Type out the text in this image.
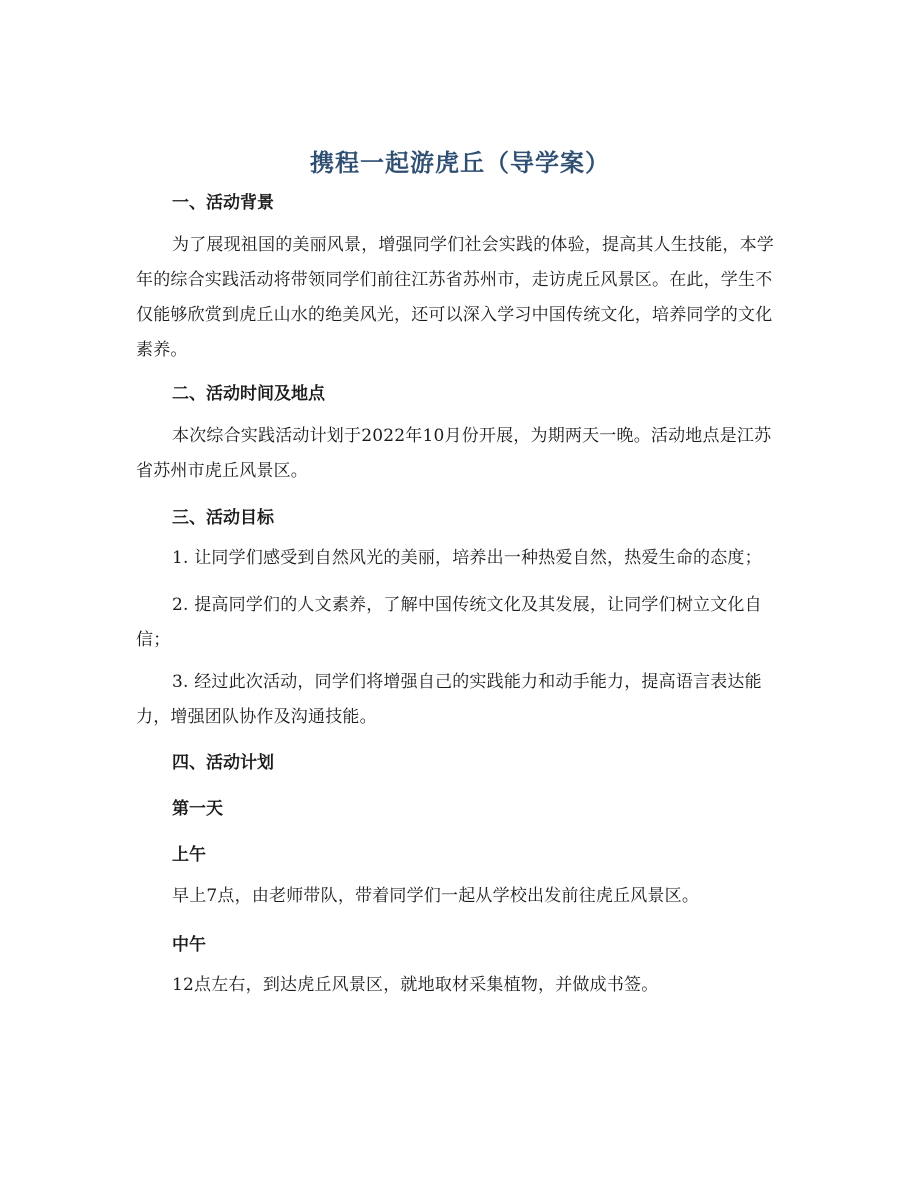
携程一起游虎丘（导学案）
一、活动背景
为了展现祖国的美丽风景，增强同学们社会实践的体验，提高其人生技能，本学年的综合实践活动将带领同学们前往江苏省苏州市，走访虎丘风景区。在此，学生不仅能够欣赏到虎丘山水的绝美风光，还可以深入学习中国传统文化，培养同学的文化素养。
二、活动时间及地点
本次综合实践活动计划于2022年10月份开展，为期两天一晚。活动地点是江苏省苏州市虎丘风景区。
三、活动目标
1. 让同学们感受到自然风光的美丽，培养出一种热爱自然，热爱生命的态度；
2. 提高同学们的人文素养，了解中国传统文化及其发展，让同学们树立文化自信；
3. 经过此次活动，同学们将增强自己的实践能力和动手能力，提高语言表达能力，增强团队协作及沟通技能。
四、活动计划
第一天
上午
早上7点，由老师带队，带着同学们一起从学校出发前往虎丘风景区。
中午
12点左右，到达虎丘风景区，就地取材采集植物，并做成书签。
